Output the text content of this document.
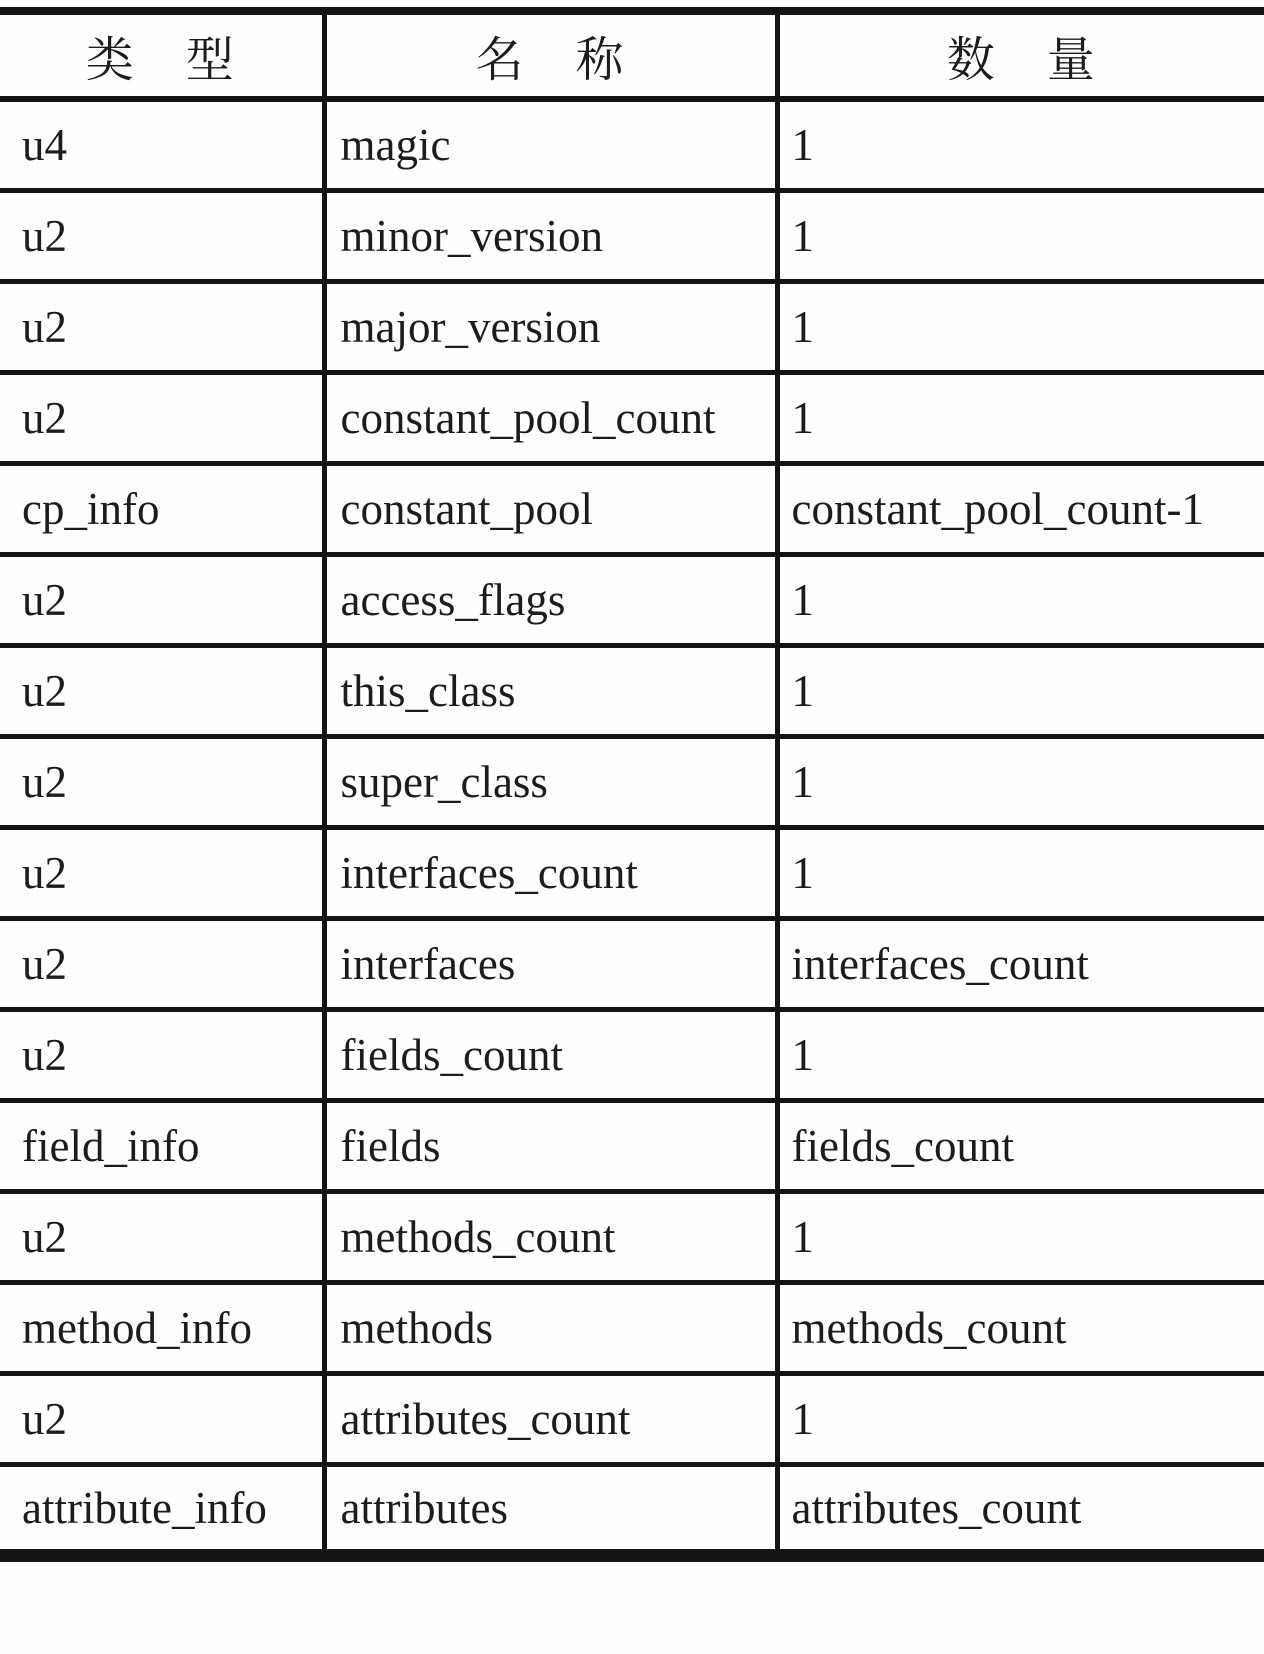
类　型	名　称	数　量
u4	magic	1
u2	minor_version	1
u2	major_version	1
u2	constant_pool_count	1
cp_info	constant_pool	constant_pool_count-1
u2	access_flags	1
u2	this_class	1
u2	super_class	1
u2	interfaces_count	1
u2	interfaces	interfaces_count
u2	fields_count	1
field_info	fields	fields_count
u2	methods_count	1
method_info	methods	methods_count
u2	attributes_count	1
attribute_info	attributes	attributes_count
